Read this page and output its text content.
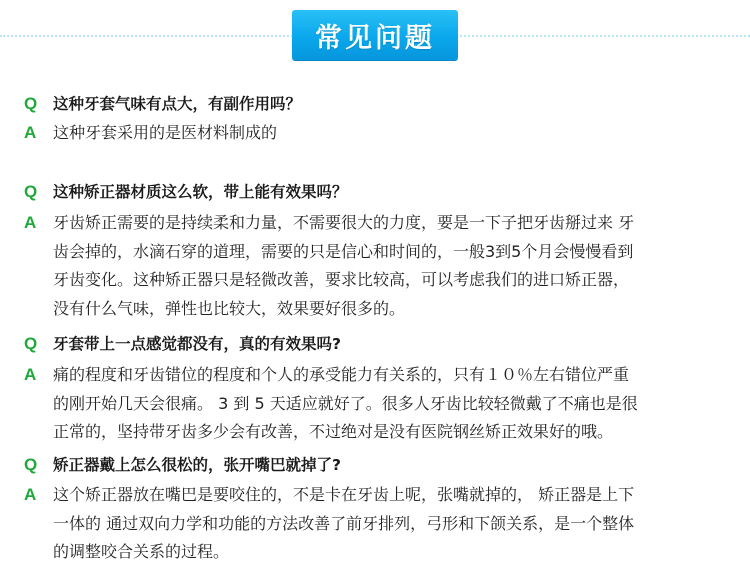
常见问题
Q 这种牙套气味有点大，有副作用吗？
A 这种牙套采用的是医材料制成的
Q 这种矫正器材质这么软，带上能有效果吗？
A 牙齿矫正需要的是持续柔和力量，不需要很大的力度，要是一下子把牙齿掰过来 牙
齿会掉的，水滴石穿的道理，需要的只是信心和时间的，一般3到5个月会慢慢看到
牙齿变化。这种矫正器只是轻微改善，要求比较高，可以考虑我们的进口矫正器，
没有什么气味，弹性也比较大，效果要好很多的。
Q 牙套带上一点感觉都没有，真的有效果吗?
A 痛的程度和牙齿错位的程度和个人的承受能力有关系的，只有１０％左右错位严重
的刚开始几天会很痛。 3 到 5 天适应就好了。很多人牙齿比较轻微戴了不痛也是很
正常的，坚持带牙齿多少会有改善，不过绝对是没有医院钢丝矫正效果好的哦。
Q 矫正器戴上怎么很松的，张开嘴巴就掉了?
A 这个矫正器放在嘴巴是要咬住的，不是卡在牙齿上呢，张嘴就掉的， 矫正器是上下
一体的 通过双向力学和功能的方法改善了前牙排列，弓形和下颌关系，是一个整体
的调整咬合关系的过程。
